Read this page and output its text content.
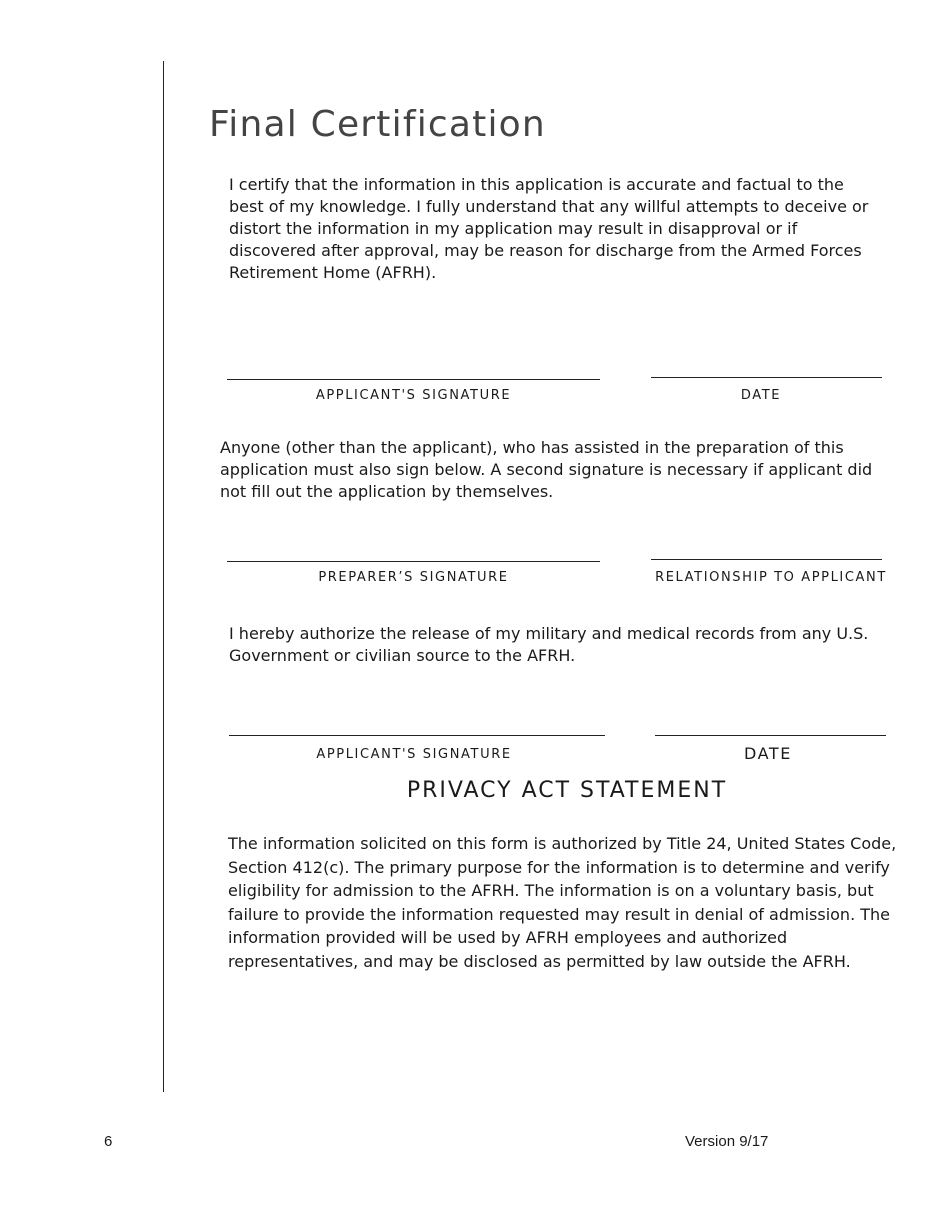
Final Certification

I certify that the information in this application is accurate and factual to the best of my knowledge. I fully understand that any willful attempts to deceive or distort the information in my application may result in disapproval or if discovered after approval, may be reason for discharge from the Armed Forces Retirement Home (AFRH).

APPLICANT'S SIGNATURE	DATE

Anyone (other than the applicant), who has assisted in the preparation of this application must also sign below. A second signature is necessary if applicant did not fill out the application by themselves.

PREPARER’S SIGNATURE	RELATIONSHIP TO APPLICANT

I hereby authorize the release of my military and medical records from any U.S. Government or civilian source to the AFRH.

APPLICANT'S SIGNATURE	DATE
PRIVACY ACT STATEMENT

The information solicited on this form is authorized by Title 24, United States Code, Section 412(c). The primary purpose for the information is to determine and verify eligibility for admission to the AFRH. The information is on a voluntary basis, but failure to provide the information requested may result in denial of admission. The information provided will be used by AFRH employees and authorized representatives, and may be disclosed as permitted by law outside the AFRH.

6	Version 9/17
